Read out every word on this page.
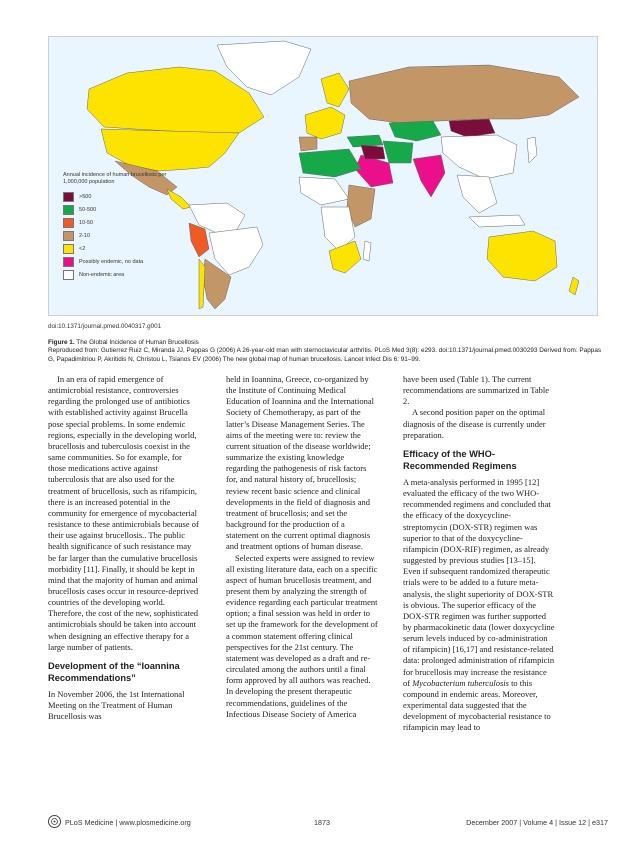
Annual incidence of human brucellosis per 1,000,000 population
>500
50-500
10-50
2-10
<2
Possibly endemic, no data
Non-endemic area
doi:10.1371/journal.pmed.0040317.g001
Figure 1. The Global Incidence of Human Brucellosis
Reproduced from: Gutierrez Ruiz C, Miranda JJ, Pappas G (2006) A 26-year-old man with sternoclavicular arthritis. PLoS Med 3(8): e293. doi:10.1371/journal.pmed.0030293 Derived from: Pappas G, Papadimitriou P, Akritidis N, Christou L, Tsianos EV (2006) The new global map of human brucellosis. Lancet Infect Dis 6: 91–99.

In an era of rapid emergence of antimicrobial resistance, controversies regarding the prolonged use of antibiotics with established activity against Brucella pose special problems. In some endemic regions, especially in the developing world, brucellosis and tuberculosis coexist in the same communities. So for example, for those medications active against tuberculosis that are also used for the treatment of brucellosis, such as rifampicin, there is an increased potential in the community for emergence of mycobacterial resistance to these antimicrobials because of their use against brucellosis.. The public health significance of such resistance may be far larger than the cumulative brucellosis morbidity [11]. Finally, it should be kept in mind that the majority of human and animal brucellosis cases occur in resource-deprived countries of the developing world. Therefore, the cost of the new, sophisticated antimicrobials should be taken into account when designing an effective therapy for a large number of patients.

Development of the “Ioannina Recommendations”

In November 2006, the 1st International Meeting on the Treatment of Human Brucellosis was

held in Ioannina, Greece, co-organized by the Institute of Continuing Medical Education of Ioannina and the International Society of Chemotherapy, as part of the latter’s Disease Management Series. The aims of the meeting were to: review the current situation of the disease worldwide; summarize the existing knowledge regarding the pathogenesis of risk factors for, and natural history of, brucellosis; review recent basic science and clinical developments in the field of diagnosis and treatment of brucellosis; and set the background for the production of a statement on the current optimal diagnosis and treatment options of human disease.

Selected experts were assigned to review all existing literature data, each on a specific aspect of human brucellosis treatment, and present them by analyzing the strength of evidence regarding each particular treatment option; a final session was held in order to set up the framework for the development of a common statement offering clinical perspectives for the 21st century. The statement was developed as a draft and re-circulated among the authors until a final form approved by all authors was reached. In developing the present therapeutic recommendations, guidelines of the Infectious Disease Society of America

have been used (Table 1). The current recommendations are summarized in Table 2.

A second position paper on the optimal diagnosis of the disease is currently under preparation.

Efficacy of the WHO-Recommended Regimens

A meta-analysis performed in 1995 [12] evaluated the efficacy of the two WHO-recommended regimens and concluded that the efficacy of the doxycycline-streptomycin (DOX-STR) regimen was superior to that of the doxycycline-rifampicin (DOX-RIF) regimen, as already suggested by previous studies [13–15]. Even if subsequent randomized therapeutic trials were to be added to a future meta-analysis, the slight superiority of DOX-STR is obvious. The superior efficacy of the DOX-STR regimen was further supported by pharmacokinetic data (lower doxycycline serum levels induced by co-administration of rifampicin) [16,17] and resistance-related data: prolonged administration of rifampicin for brucellosis may increase the resistance of Mycobacterium tuberculosis to this compound in endemic areas. Moreover, experimental data suggested that the development of mycobacterial resistance to rifampicin may lead to

PLoS Medicine | www.plosmedicine.org	1873	December 2007 | Volume 4 | Issue 12 | e317
